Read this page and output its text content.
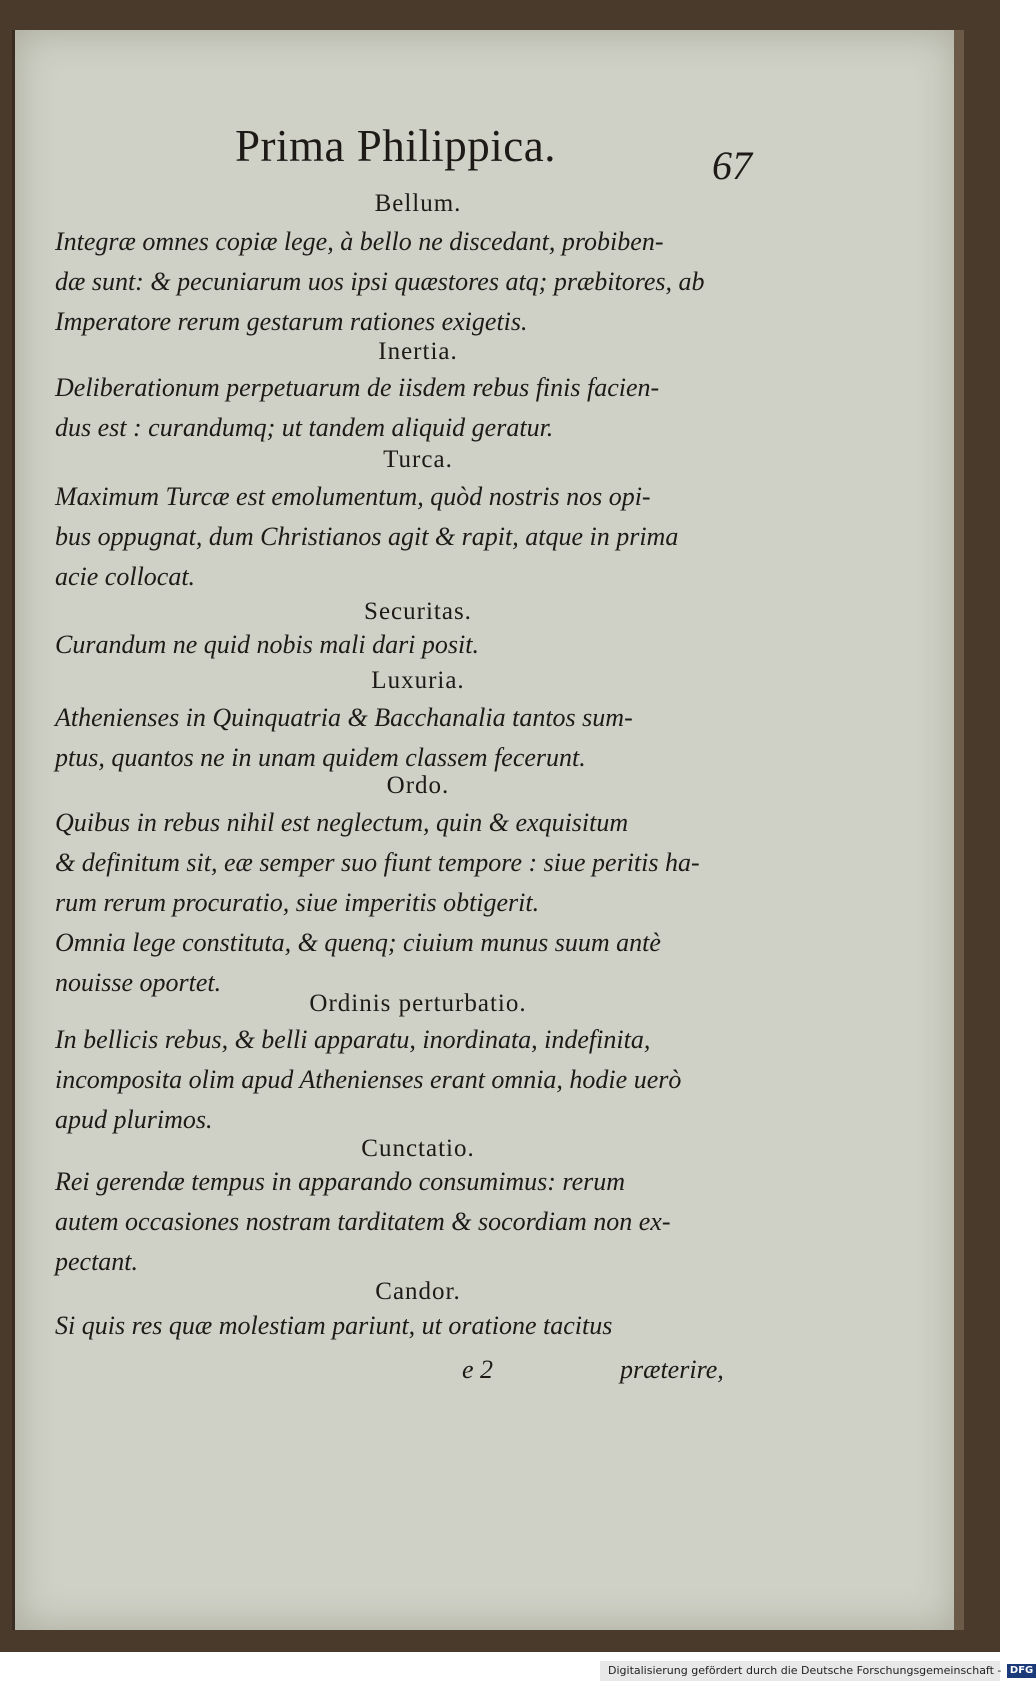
Prima Philippica.	67
Bellum.
Integræ omnes copiæ lege, à bello ne discedant, probiben-
dæ sunt: & pecuniarum uos ipsi quæstores atq; præbitores, ab
Imperatore rerum gestarum rationes exigetis.
Inertia.
Deliberationum perpetuarum de iisdem rebus finis facien-
dus est : curandumq; ut tandem aliquid geratur.
Turca.
Maximum Turcæ est emolumentum, quòd nostris nos opi-
bus oppugnat, dum Christianos agit & rapit, atque in prima
acie collocat.
Securitas.
Curandum ne quid nobis mali dari posit.
Luxuria.
Athenienses in Quinquatria & Bacchanalia tantos sum-
ptus, quantos ne in unam quidem classem fecerunt.
Ordo.
Quibus in rebus nihil est neglectum, quin & exquisitum
& definitum sit, eæ semper suo fiunt tempore : siue peritis ha-
rum rerum procuratio, siue imperitis obtigerit.
Omnia lege constituta, & quenq; ciuium munus suum antè
nouisse oportet.
Ordinis perturbatio.
In bellicis rebus, & belli apparatu, inordinata, indefinita,
incomposita olim apud Athenienses erant omnia, hodie uerò
apud plurimos.
Cunctatio.
Rei gerendæ tempus in apparando consumimus: rerum
autem occasiones nostram tarditatem & socordiam non ex-
pectant.
Candor.
Si quis res quæ molestiam pariunt, ut oratione tacitus
e 2	præterire,
Digitalisierung gefördert durch die Deutsche Forschungsgemeinschaft - DFG
